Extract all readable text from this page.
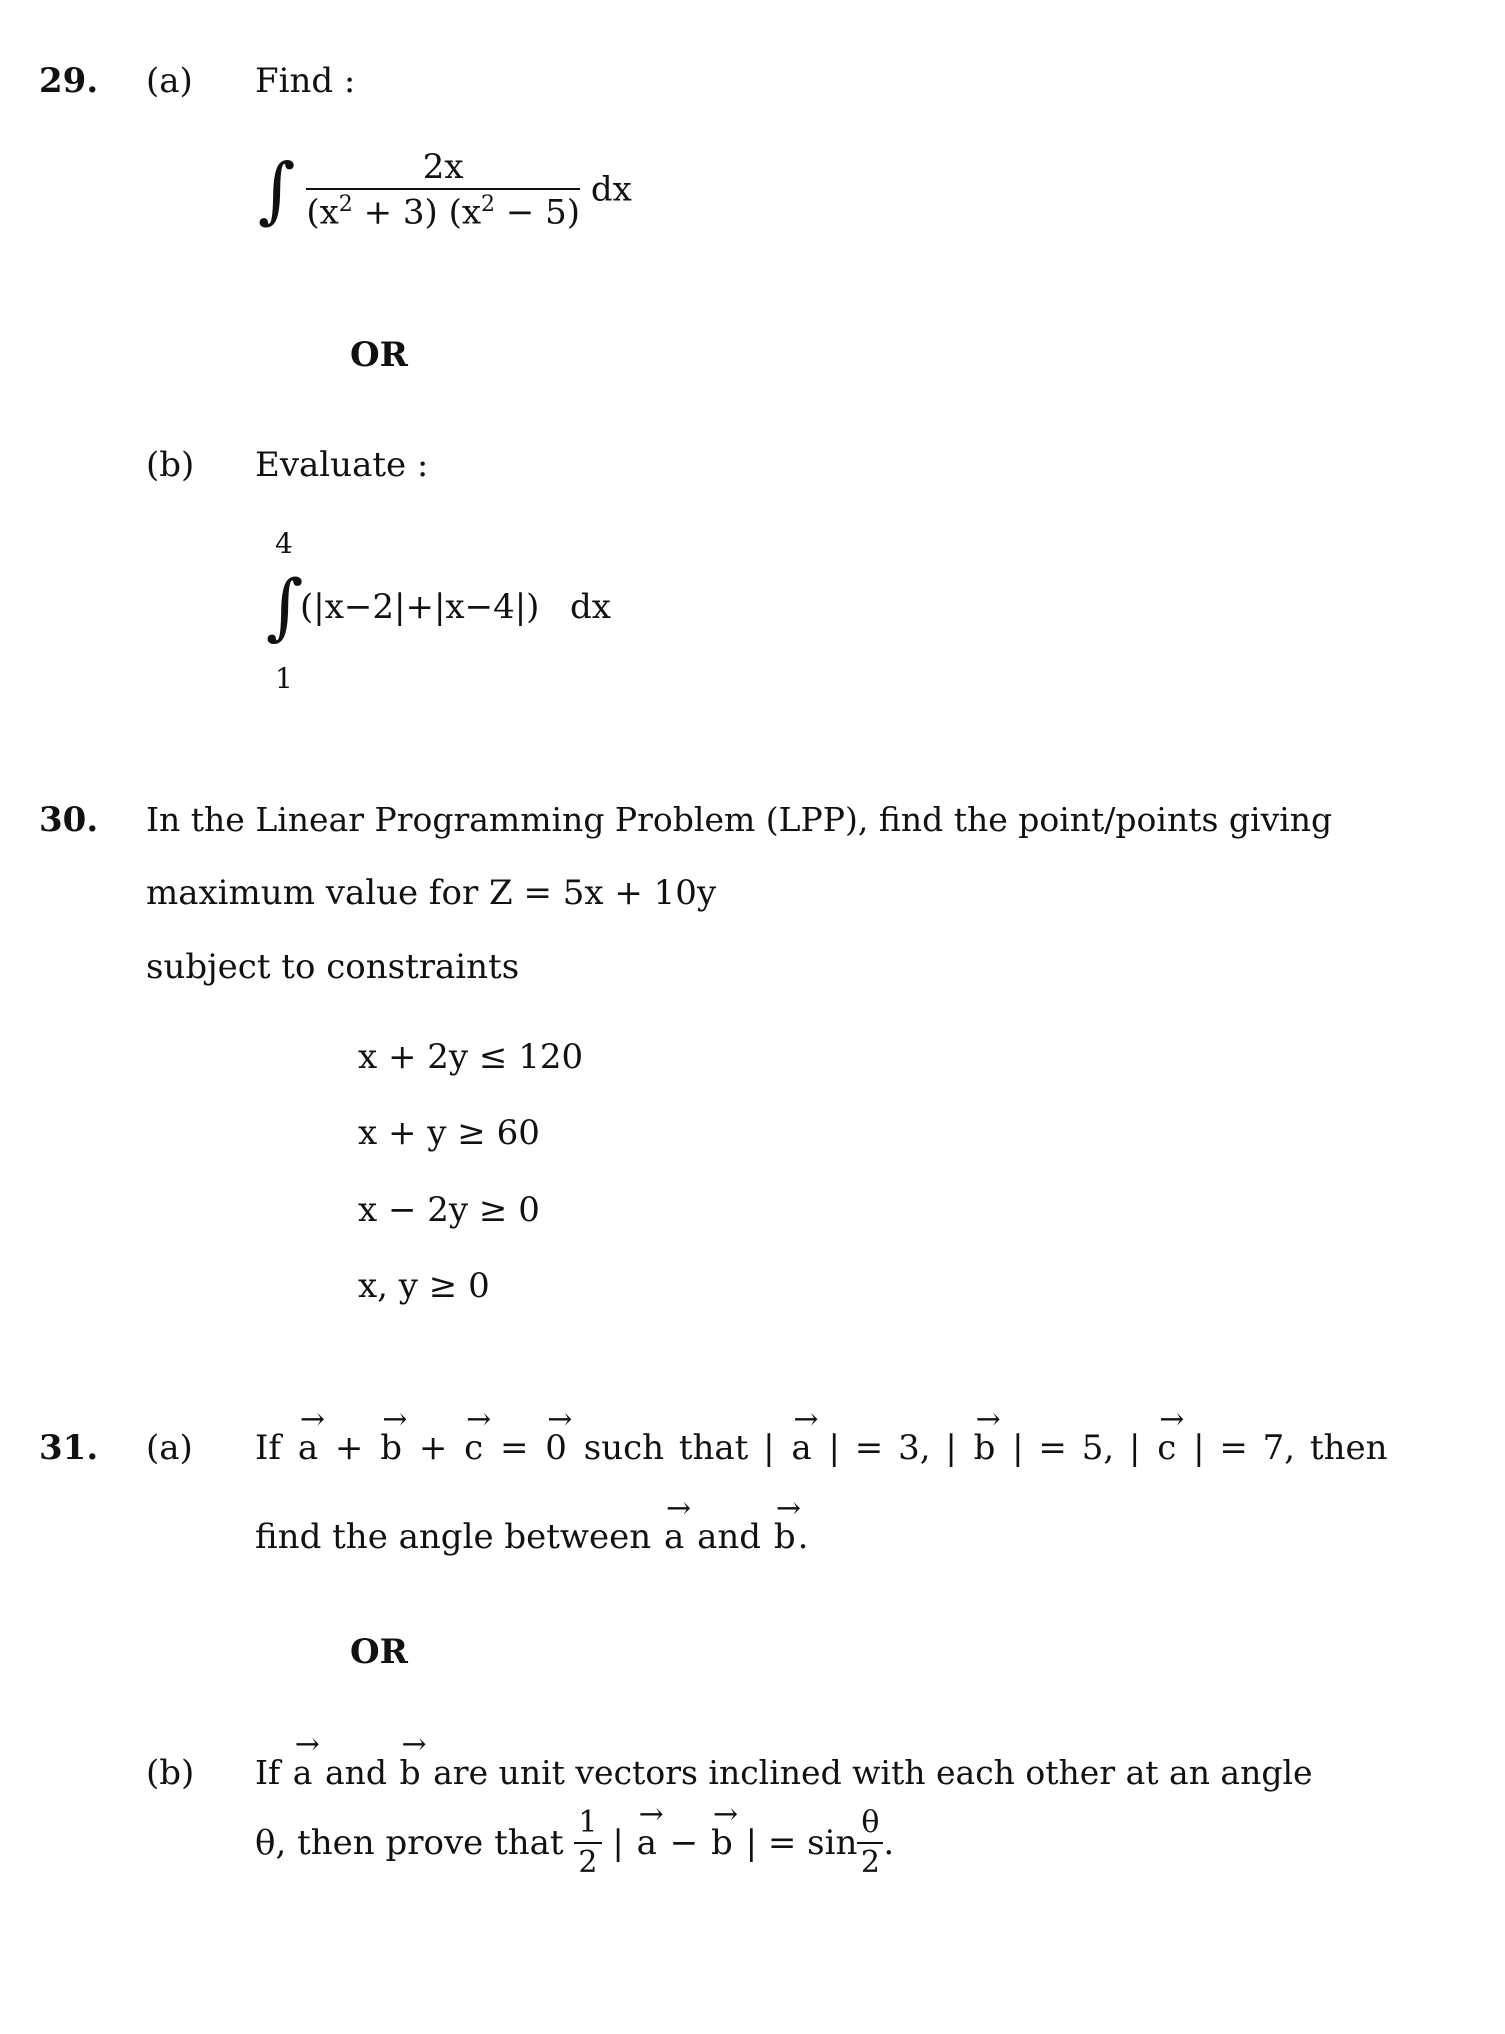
29. (a) Find :
∫ $\frac{2x}{(x^2 + 3) (x^2 - 5)}$ dx
OR
(b) Evaluate :
4
∫
(|x−2|+|x−4|) dx
1
30. In the Linear Programming Problem (LPP), find the point/points giving
maximum value for Z = 5x + 10y
subject to constraints
x + 2y ≤ 120
x + y ≥ 60
x − 2y ≥ 0
x, y ≥ 0
31. (a) If a → + b → + c → = 0 → such that | a → | = 3, | b → | = 5, | c → | = 7, then
find the angle between a → and b →.
OR
(b) If a → and b → are unit vectors inclined with each other at an angle
θ, then prove that $\frac{1}{2}$ | a → − b → | = $\sin \frac{\theta}{2}$ .
